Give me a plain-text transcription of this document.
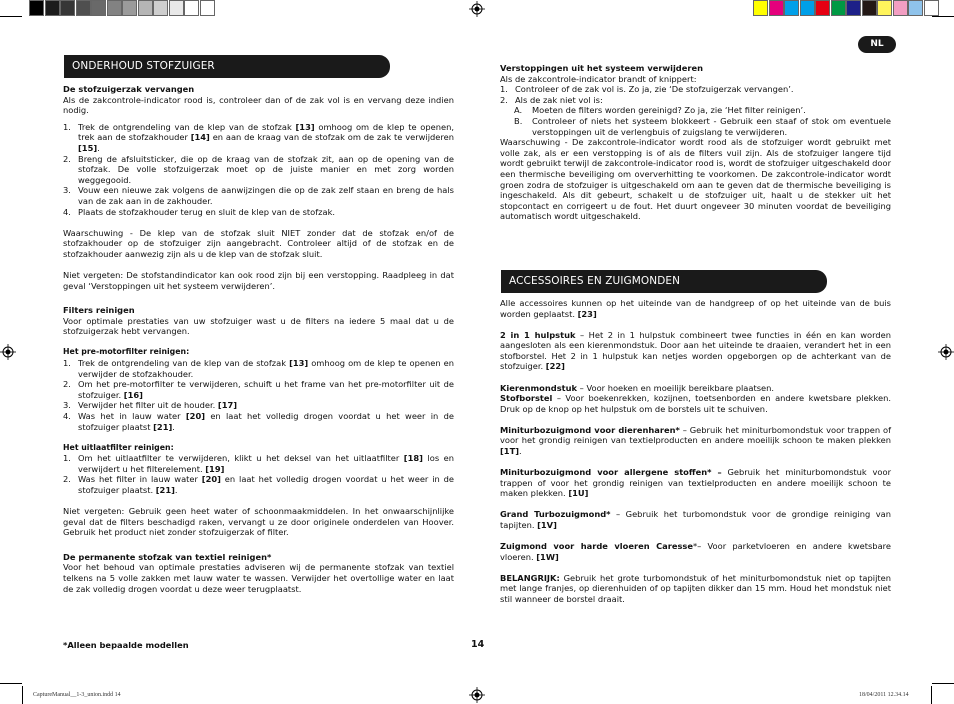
NL
ONDERHOUD STOFZUIGER

De stofzuigerzak vervangen

Als de zakcontrole-indicator rood is, controleer dan of de zak vol is en vervang deze indien nodig.

1. Trek de ontgrendeling van de klep van de stofzak [13] omhoog om de klep te openen, trek aan de stofzakhouder [14] en aan de kraag van de stofzak om de zak te verwijderen [15].
2. Breng de afsluitsticker, die op de kraag van de stofzak zit, aan op de opening van de stofzak. De volle stofzuigerzak moet op de juiste manier en met zorg worden weggegooid.
3. Vouw een nieuwe zak volgens de aanwijzingen die op de zak zelf staan en breng de hals van de zak aan in de zakhouder.
4. Plaats de stofzakhouder terug en sluit de klep van de stofzak.

Waarschuwing - De klep van de stofzak sluit NIET zonder dat de stofzak en/of de stofzakhouder op de stofzuiger zijn aangebracht. Controleer altijd of de stofzak en de stofzakhouder aanwezig zijn als u de klep van de stofzak sluit.

Niet vergeten: De stofstandindicator kan ook rood zijn bij een verstopping. Raadpleeg in dat geval ‘Verstoppingen uit het systeem verwijderen’.

Filters reinigen

Voor optimale prestaties van uw stofzuiger wast u de filters na iedere 5 maal dat u de stofzuigerzak hebt vervangen.

Het pre-motorfilter reinigen:

1. Trek de ontgrendeling van de klep van de stofzak [13] omhoog om de klep te openen en verwijder de stofzakhouder.
2. Om het pre-motorfilter te verwijderen, schuift u het frame van het pre-motorfilter uit de stofzuiger. [16]
3. Verwijder het filter uit de houder. [17]
4. Was het in lauw water [20] en laat het volledig drogen voordat u het weer in de stofzuiger plaatst [21].

Het uitlaatfilter reinigen:

1. Om het uitlaatfilter te verwijderen, klikt u het deksel van het uitlaatfilter [18] los en verwijdert u het filterelement. [19]
2. Was het filter in lauw water [20] en laat het volledig drogen voordat u het weer in de stofzuiger plaatst. [21].

Niet vergeten: Gebruik geen heet water of schoonmaakmiddelen. In het onwaarschijnlijke geval dat de filters beschadigd raken, vervangt u ze door originele onderdelen van Hoover. Gebruik het product niet zonder stofzuigerzak of filter.

De permanente stofzak van textiel reinigen*

Voor het behoud van optimale prestaties adviseren wij de permanente stofzak van textiel telkens na 5 volle zakken met lauw water te wassen. Verwijder het overtollige water en laat de zak volledig drogen voordat u deze weer terugplaatst.

*Alleen bepaalde modellen	14

Verstoppingen uit het systeem verwijderen

Als de zakcontrole-indicator brandt of knippert:

1. Controleer of de zak vol is. Zo ja, zie ‘De stofzuigerzak vervangen’.
2. Als de zak niet vol is:
A.	Moeten de filters worden gereinigd? Zo ja, zie ‘Het filter reinigen’.
B.	Controleer of niets het systeem blokkeert - Gebruik een staaf of stok om eventuele verstoppingen uit de verlengbuis of zuigslang te verwijderen.

Waarschuwing - De zakcontrole-indicator wordt rood als de stofzuiger wordt gebruikt met volle zak, als er een verstopping is of als de filters vuil zijn. Als de stofzuiger langere tijd wordt gebruikt terwijl de zakcontrole-indicator rood is, wordt de stofzuiger uitgeschakeld door een thermische beveiliging om oververhitting te voorkomen. De zakcontrole-indicator wordt groen zodra de stofzuiger is uitgeschakeld om aan te geven dat de thermische beveiliging is ingeschakeld. Als dit gebeurt, schakelt u de stofzuiger uit, haalt u de stekker uit het stopcontact en corrigeert u de fout. Het duurt ongeveer 30 minuten voordat de beveiliging automatisch wordt uitgeschakeld.

ACCESSOIRES EN ZUIGMONDEN

Alle accessoires kunnen op het uiteinde van de handgreep of op het uiteinde van de buis worden geplaatst. [23]

2 in 1 hulpstuk – Het 2 in 1 hulpstuk combineert twee functies in één en kan worden aangesloten als een kierenmondstuk. Door aan het uiteinde te draaien, verandert het in een stofborstel. Het 2 in 1 hulpstuk kan netjes worden opgeborgen op de achterkant van de stofzuiger. [22]

Kierenmondstuk – Voor hoeken en moeilijk bereikbare plaatsen.
Stofborstel – Voor boekenrekken, kozijnen, toetsenborden en andere kwetsbare plekken. Druk op de knop op het hulpstuk om de borstels uit te schuiven.

Miniturbozuigmond voor dierenharen* – Gebruik het miniturbomondstuk voor trappen of voor het grondig reinigen van textielproducten en andere moeilijk schoon te maken plekken [1T].

Miniturbozuigmond voor allergene stoffen* – Gebruik het miniturbomondstuk voor trappen of voor het grondig reinigen van textielproducten en andere moeilijk schoon te maken plekken. [1U]

Grand Turbozuigmond* – Gebruik het turbomondstuk voor de grondige reiniging van tapijten. [1V]

Zuigmond voor harde vloeren Caresse*– Voor parketvloeren en andere kwetsbare vloeren. [1W]

BELANGRIJK: Gebruik het grote turbomondstuk of het miniturbomondstuk niet op tapijten met lange franjes, op dierenhuiden of op tapijten dikker dan 15 mm. Houd het mondstuk niet stil wanneer de borstel draait.

CaptureManual__1-3_union.indd 14	18/04/2011 12.34.14
